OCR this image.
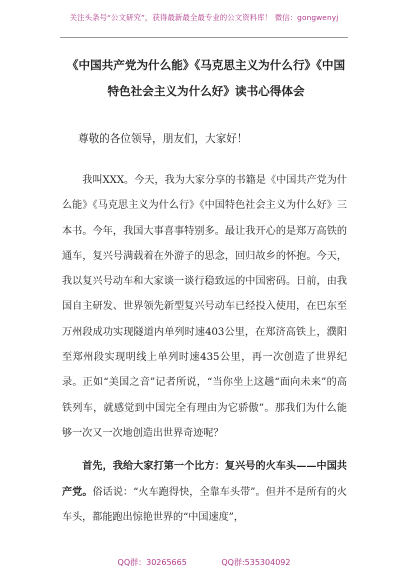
关注头条号“公文研究”，获得最新最全最专业的公文资料库！ 微信：gongwenyj
《中国共产党为什么能》《马克思主义为什么行》《中国
特色社会主义为什么好》读书心得体会
尊敬的各位领导，朋友们，大家好！

我叫XXX。今天，我为大家分享的书籍是《中国共产党为什么能》《马克思主义为什么行》《中国特色社会主义为什么好》三本书。今年，我国大事喜事特别多。最让我开心的是郑万高铁的通车，复兴号满载着在外游子的思念，回归故乡的怀抱。今天，我以复兴号动车和大家谈一谈行稳致远的中国密码。日前，由我国自主研发、世界领先新型复兴号动车已经投入使用，在巴东至万州段成功实现隧道内单列时速403公里，在郑济高铁上，濮阳至郑州段实现明线上单列时速435公里，再一次创造了世界纪录。正如“美国之音”记者所说，“当你坐上这趟“面向未来”的高铁列车，就感觉到中国完全有理由为它骄傲”。那我们为什么能够一次又一次地创造出世界奇迹呢？

首先，我给大家打第一个比方：复兴号的火车头——中国共产党。俗话说：“火车跑得快，全靠车头带”。但并不是所有的火车头，都能跑出惊艳世界的“中国速度”，

QQ群：30265665	QQ群:535304092
